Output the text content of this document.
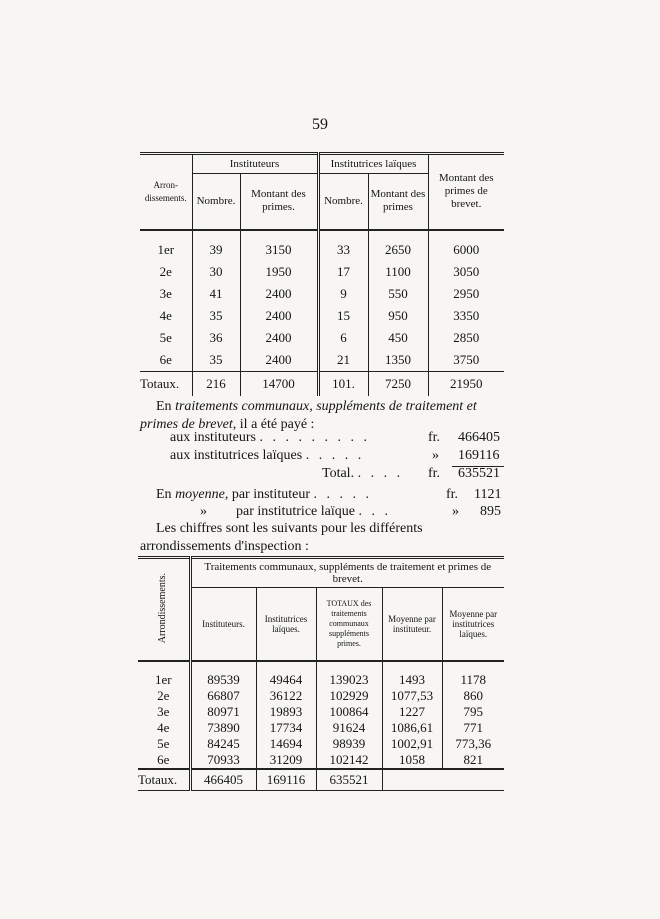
59
Arron-dissements.	Instituteurs		Institutrices laïques		Montant des primes de brevet.
	Nombre.	Montant des primes.	Nombre.	Montant des primes	
1er	39	3150	33	2650	6000
2e	30	1950	17	1100	3050
3e	41	2400	9	550	2950
4e	35	2400	15	950	3350
5e	36	2400	6	450	2850
6e	35	2400	21	1350	3750
Totaux.	216	14700	101.	7250	21950
En traitements communaux, suppléments de traitement et primes de brevet, il a été payé :
aux instituteurs . . . . . . . . .	fr. 466405
aux institutrices laïques . . . . .	» 169116
Total. . . . . fr. 635521
En moyenne, par instituteur . . . . .	fr. 1121
» par institutrice laïque . . .	» 895
Les chiffres sont les suivants pour les différents arrondissements d'inspection :
Arrondissements.	Traitements communaux, suppléments de traitement et primes de brevet.				
	Instituteurs.	Institutrices laïques.	TOTAUX des traitements communaux suppléments primes.	Moyenne par instituteur.	Moyenne par institutrices laïques.
1er	89539	49464	139023	1493	1178
2e	66807	36122	102929	1077,53	860
3e	80971	19893	100864	1227	795
4e	73890	17734	91624	1086,61	771
5e	84245	14694	98939	1002,91	773,36
6e	70933	31209	102142	1058	821
Totaux.	466405	169116	635521		
